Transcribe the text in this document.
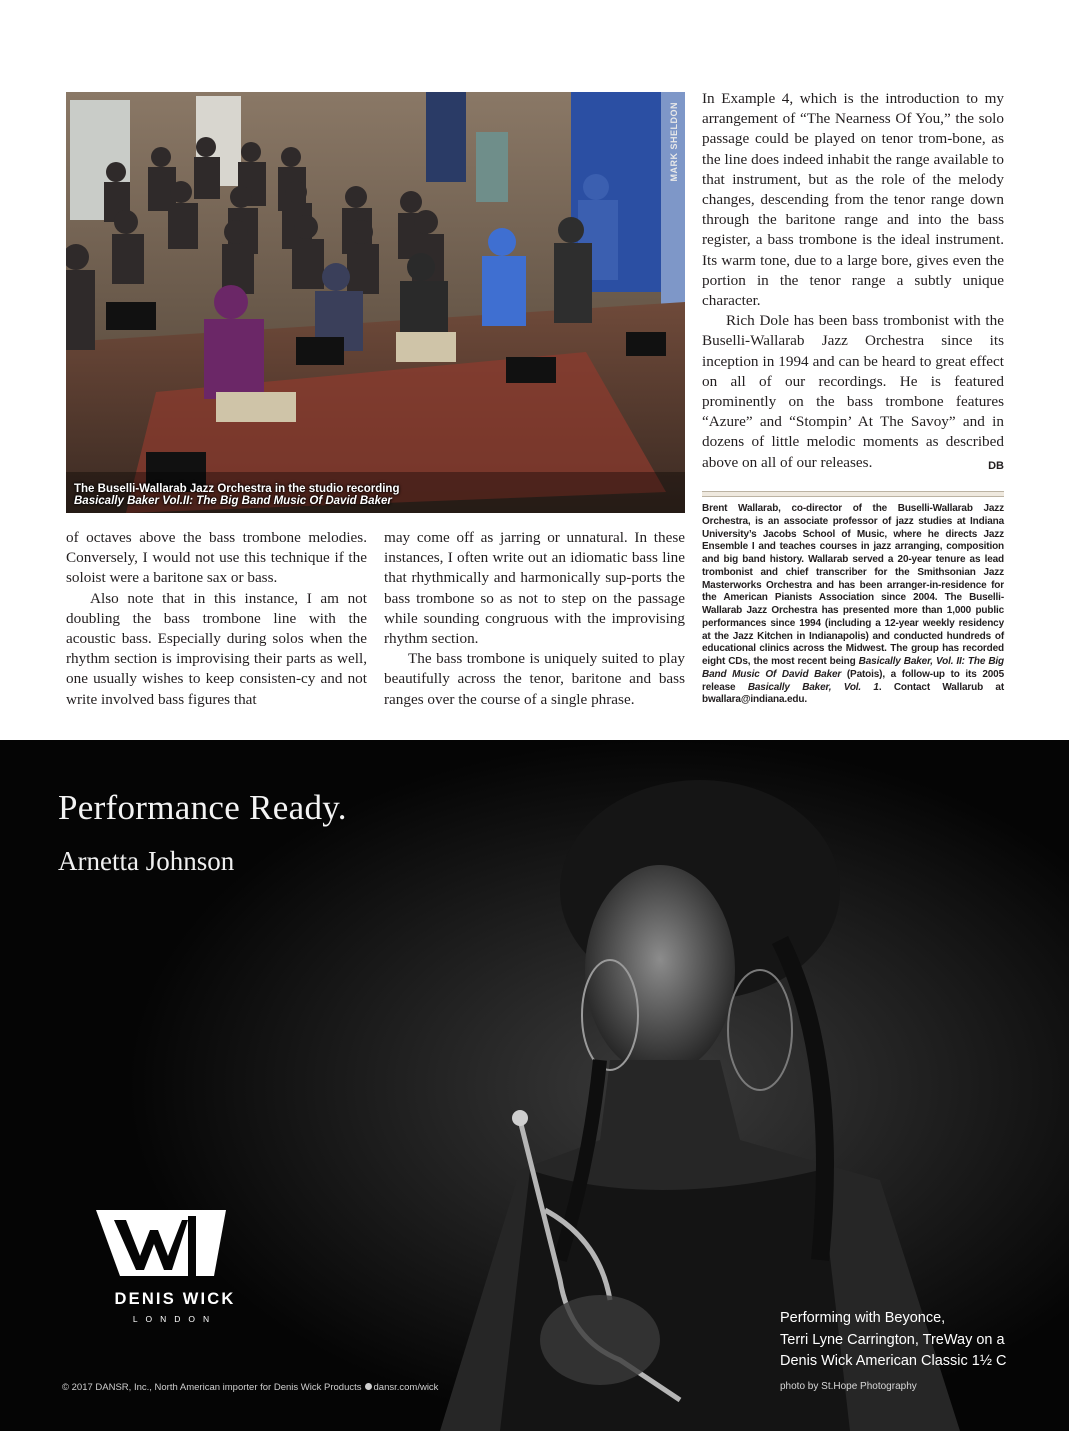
MARK SHELDON
The Buselli-Wallarab Jazz Orchestra in the studio recording
Basically Baker Vol.II: The Big Band Music Of David Baker

In Example 4, which is the introduction to my arrangement of “The Nearness Of You,” the solo passage could be played on tenor trom-bone, as the line does indeed inhabit the range available to that instrument, but as the role of the melody changes, descending from the tenor range down through the baritone range and into the bass register, a bass trombone is the ideal instrument. Its warm tone, due to a large bore, gives even the portion in the tenor range a subtly unique character.

Rich Dole has been bass trombonist with the Buselli-Wallarab Jazz Orchestra since its inception in 1994 and can be heard to great effect on all of our recordings. He is featured prominently on the bass trombone features “Azure” and “Stompin’ At The Savoy” and in dozens of little melodic moments as described above on all of our releases.	DB

Brent Wallarab, co-director of the Buselli-Wallarab Jazz Orchestra, is an associate professor of jazz studies at Indiana University’s Jacobs School of Music, where he directs Jazz Ensemble I and teaches courses in jazz arranging, composition and big band history. Wallarab served a 20-year tenure as lead trombonist and chief transcriber for the Smithsonian Jazz Masterworks Orchestra and has been arranger-in-residence for the American Pianists Association since 2004. The Buselli-Wallarab Jazz Orchestra has presented more than 1,000 public performances since 1994 (including a 12-year weekly residency at the Jazz Kitchen in Indianapolis) and conducted hundreds of educational clinics across the Midwest. The group has recorded eight CDs, the most recent being Basically Baker, Vol. II: The Big Band Music Of David Baker (Patois), a follow-up to its 2005 release Basically Baker, Vol. 1. Contact Wallarub at bwallara@indiana.edu.

of octaves above the bass trombone melodies. Conversely, I would not use this technique if the soloist were a baritone sax or bass.

Also note that in this instance, I am not doubling the bass trombone line with the acoustic bass. Especially during solos when the rhythm section is improvising their parts as well, one usually wishes to keep consisten-cy and not write involved bass figures that

may come off as jarring or unnatural. In these instances, I often write out an idiomatic bass line that rhythmically and harmonically sup-ports the bass trombone so as not to step on the passage while sounding congruous with the improvising rhythm section.

The bass trombone is uniquely suited to play beautifully across the tenor, baritone and bass ranges over the course of a single phrase.

Performance Ready.
Arnetta Johnson
DENIS WICK
LONDON	Performing with Beyonce,
Terri Lyne Carrington, TreWay on a
Denis Wick American Classic 1½ C
photo by St.Hope Photography
© 2017 DANSR, Inc., North American importer for Denis Wick Products dansr.com/wick
